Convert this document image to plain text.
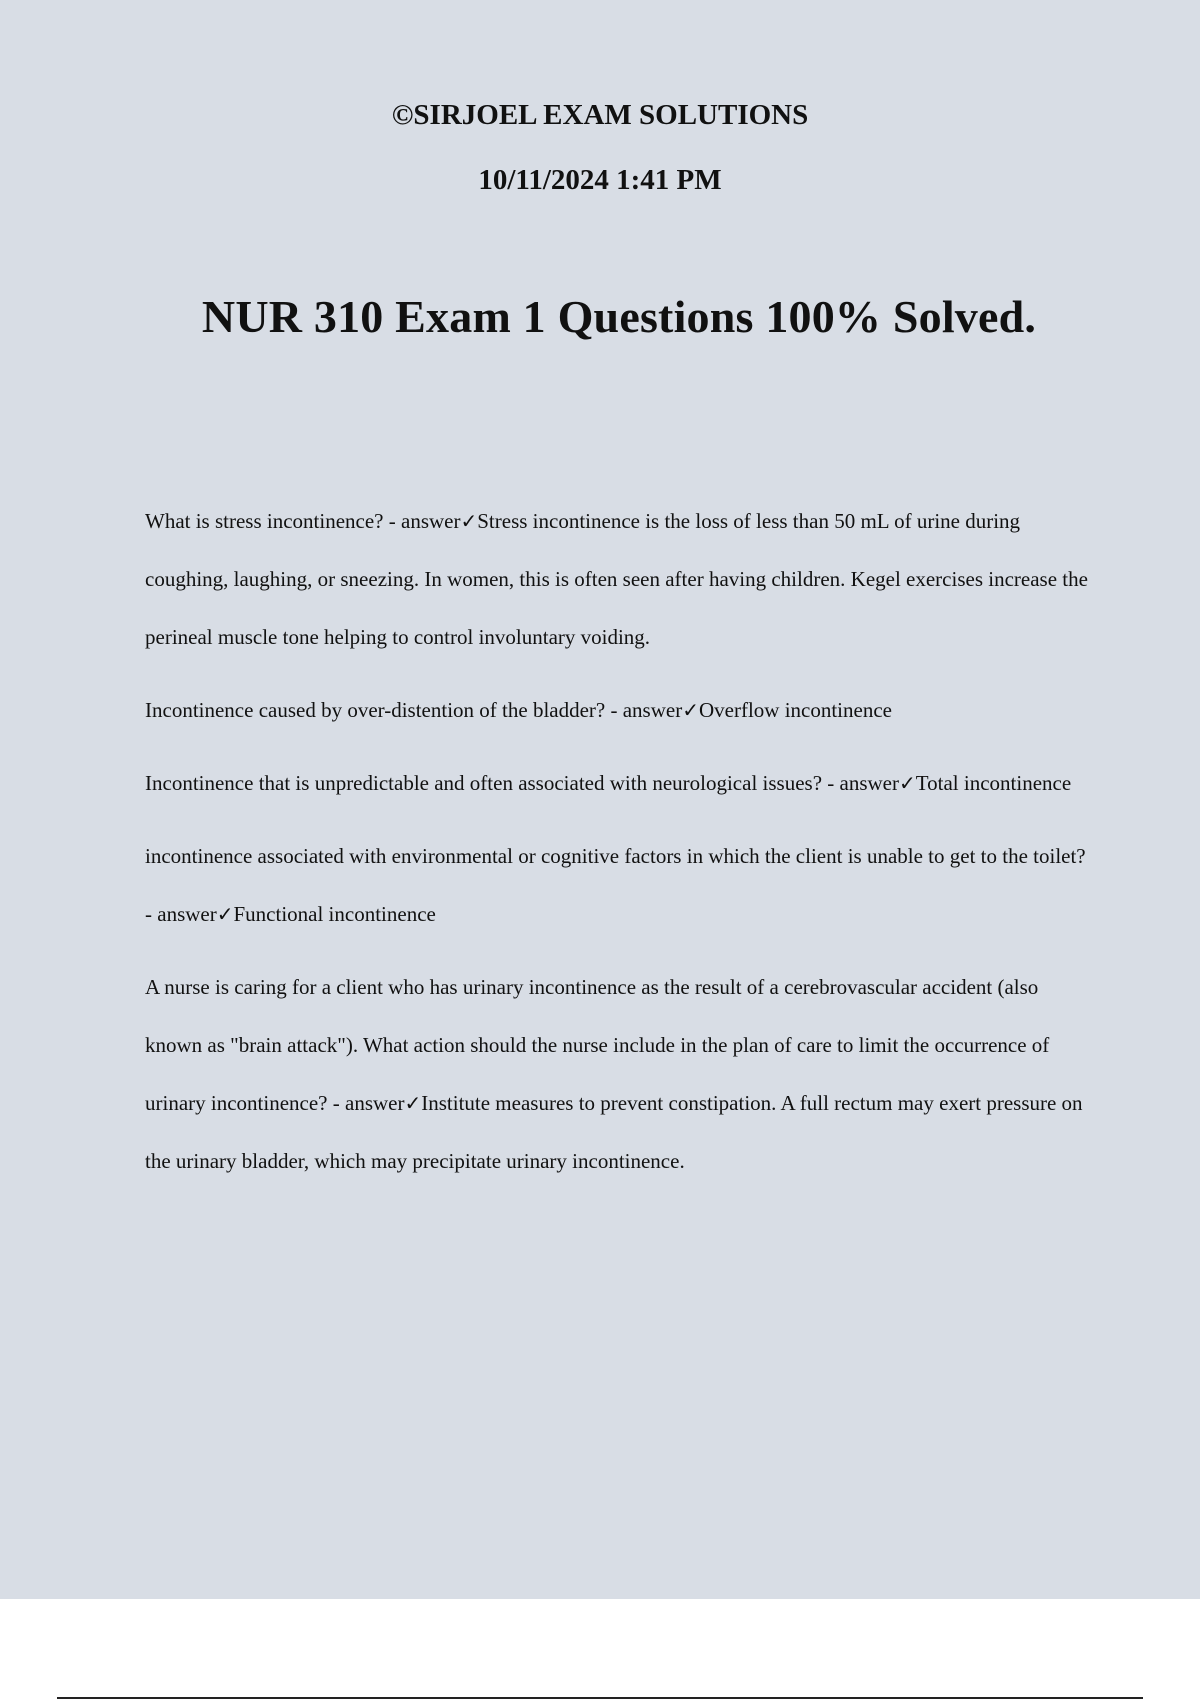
©SIRJOEL EXAM SOLUTIONS
10/11/2024 1:41 PM
NUR 310 Exam 1 Questions 100% Solved.

What is stress incontinence? - answer✓Stress incontinence is the loss of less than 50 mL of urine during coughing, laughing, or sneezing. In women, this is often seen after having children. Kegel exercises increase the perineal muscle tone helping to control involuntary voiding.

Incontinence caused by over-distention of the bladder? - answer✓Overflow incontinence

Incontinence that is unpredictable and often associated with neurological issues? - answer✓Total incontinence

incontinence associated with environmental or cognitive factors in which the client is unable to get to the toilet? - answer✓Functional incontinence

A nurse is caring for a client who has urinary incontinence as the result of a cerebrovascular accident (also known as "brain attack"). What action should the nurse include in the plan of care to limit the occurrence of urinary incontinence? - answer✓Institute measures to prevent constipation. A full rectum may exert pressure on the urinary bladder, which may precipitate urinary incontinence.
